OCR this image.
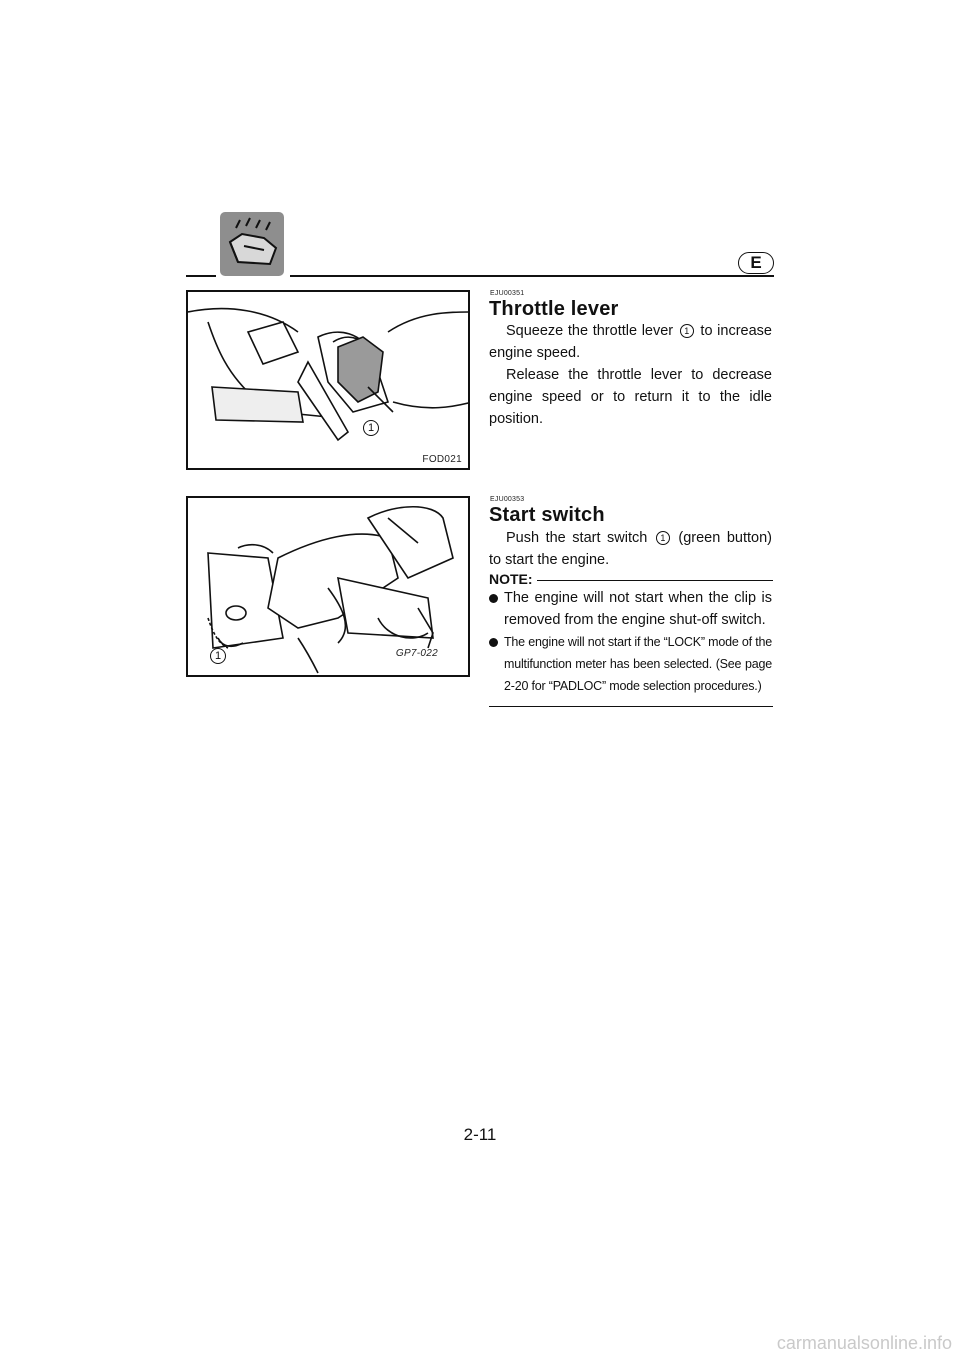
E
FOD021
1
EJU00351
Throttle lever
Squeeze the throttle lever 1 to increase engine speed.
Release the throttle lever to decrease engine speed or to return it to the idle position.
GP7-022
1
EJU00353
Start switch
Push the start switch 1 (green button) to start the engine.
NOTE:
The engine will not start when the clip is removed from the engine shut-off switch.
The engine will not start if the “LOCK” mode of the multifunction meter has been selected. (See page 2-20 for “PADLOC” mode selection procedures.)
2-11
carmanualsonline.info
